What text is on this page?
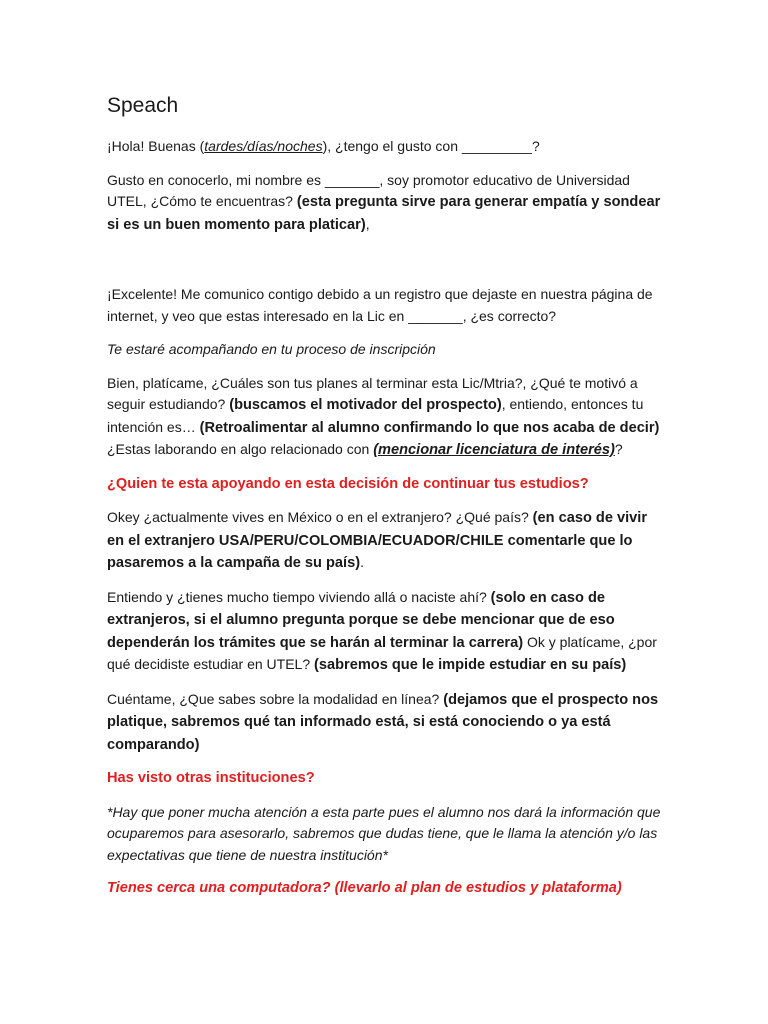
Speach

¡Hola! Buenas (tardes/días/noches), ¿tengo el gusto con _________?

Gusto en conocerlo, mi nombre es _______, soy promotor educativo de Universidad UTEL, ¿Cómo te encuentras? (esta pregunta sirve para generar empatía y sondear si es un buen momento para platicar),

¡Excelente! Me comunico contigo debido a un registro que dejaste en nuestra página de internet, y veo que estas interesado en la Lic en _______, ¿es correcto?

Te estaré acompañando en tu proceso de inscripción

Bien, platícame, ¿Cuáles son tus planes al terminar esta Lic/Mtria?, ¿Qué te motivó a seguir estudiando? (buscamos el motivador del prospecto), entiendo, entonces tu intención es… (Retroalimentar al alumno confirmando lo que nos acaba de decir) ¿Estas laborando en algo relacionado con (mencionar licenciatura de interés)?

¿Quien te esta apoyando en esta decisión de continuar tus estudios?

Okey ¿actualmente vives en México o en el extranjero? ¿Qué país? (en caso de vivir en el extranjero USA/PERU/COLOMBIA/ECUADOR/CHILE comentarle que lo pasaremos a la campaña de su país).

Entiendo y ¿tienes mucho tiempo viviendo allá o naciste ahí? (solo en caso de extranjeros, si el alumno pregunta porque se debe mencionar que de eso dependerán los trámites que se harán al terminar la carrera) Ok y platícame, ¿por qué decidiste estudiar en UTEL? (sabremos que le impide estudiar en su país)

Cuéntame, ¿Que sabes sobre la modalidad en línea? (dejamos que el prospecto nos platique, sabremos qué tan informado está, si está conociendo o ya está comparando)

Has visto otras instituciones?

*Hay que poner mucha atención a esta parte pues el alumno nos dará la información que ocuparemos para asesorarlo, sabremos que dudas tiene, que le llama la atención y/o las expectativas que tiene de nuestra institución*

Tienes cerca una computadora? (llevarlo al plan de estudios y plataforma)
